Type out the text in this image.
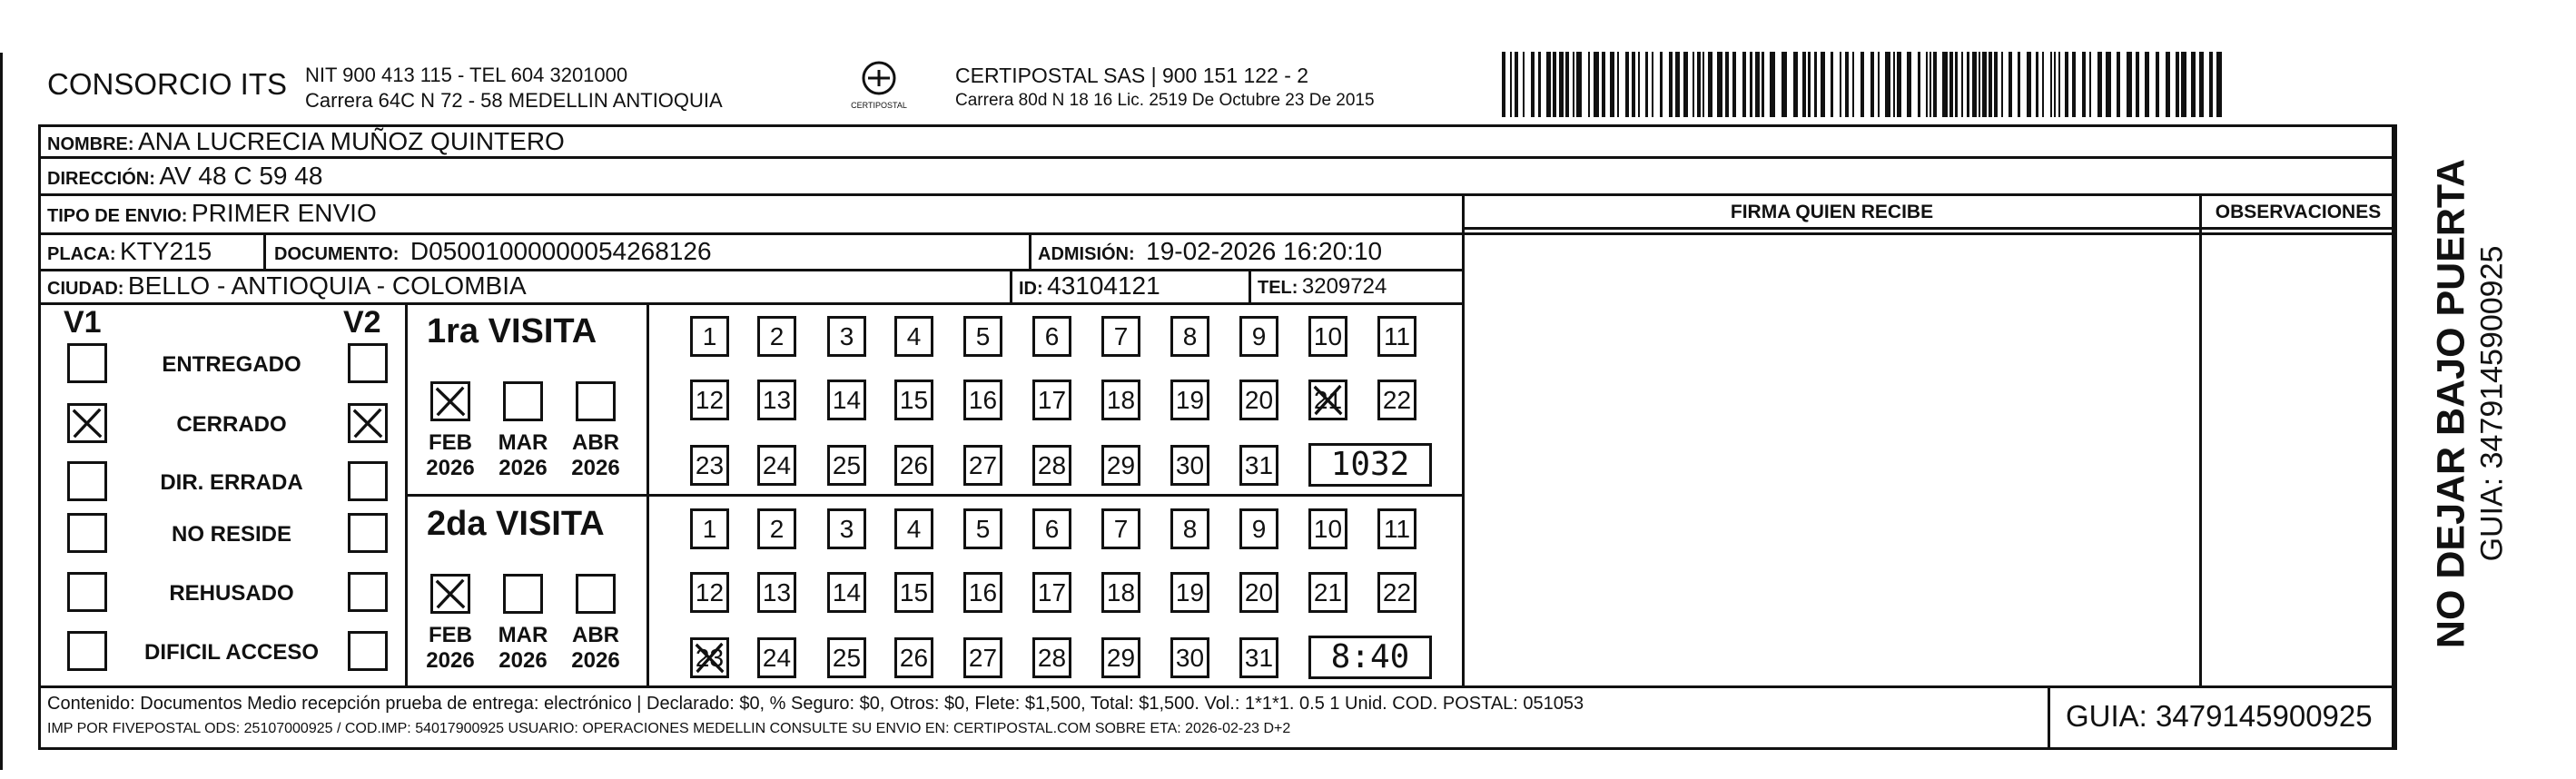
CONSORCIO ITS NIT 900 413 115 - TEL 604 3201000
Carrera 64C N 72 - 58 MEDELLIN ANTIOQUIA	CERTIPOSTAL
CERTIPOSTAL SAS | 900 151 122 - 2
Carrera 80d N 18 16 Lic. 2519 De Octubre 23 De 2015
NOMBRE: ANA LUCRECIA MUÑOZ QUINTERO
DIRECCIÓN: AV 48 C 59 48
TIPO DE ENVIO: PRIMER ENVIO
PLACA: KTY215	DOCUMENTO: D05001000000054268126	ADMISIÓN: 19-02-2026 16:20:10
CIUDAD: BELLO - ANTIOQUIA - COLOMBIA	ID: 43104121	TEL: 3209724
FIRMA QUIEN RECIBE	OBSERVACIONES
V1	V2
ENTREGADO
CERRADO
DIR. ERRADA
NO RESIDE
REHUSADO
DIFICIL ACCESO
1ra VISITA
FEB
2026
MAR
2026
ABR
2026
1	2	3	4	5	6	7	8	9	10 11
12 13 14 15 16 17 18 19 20 21 22
23 24 25 26 27 28 29 30 31	1032
2da VISITA
FEB
2026
MAR
2026
ABR
2026
1	2	3	4	5	6	7	8	9	10 11
12 13 14 15 16 17 18 19 20 21 22
23 24 25 26 27 28 29 30 31	8:40
Contenido: Documentos Medio recepción prueba de entrega: electrónico | Declarado: $0, % Seguro: $0, Otros: $0, Flete: $1,500, Total: $1,500. Vol.: 1*1*1. 0.5 1 Unid. COD. POSTAL: 051053
IMP POR FIVEPOSTAL ODS: 25107000925 / COD.IMP: 54017900925 USUARIO: OPERACIONES MEDELLIN CONSULTE SU ENVIO EN: CERTIPOSTAL.COM SOBRE ETA: 2026-02-23 D+2	GUIA: 3479145900925
NO DEJAR BAJO PUERTA GUIA: 3479145900925
